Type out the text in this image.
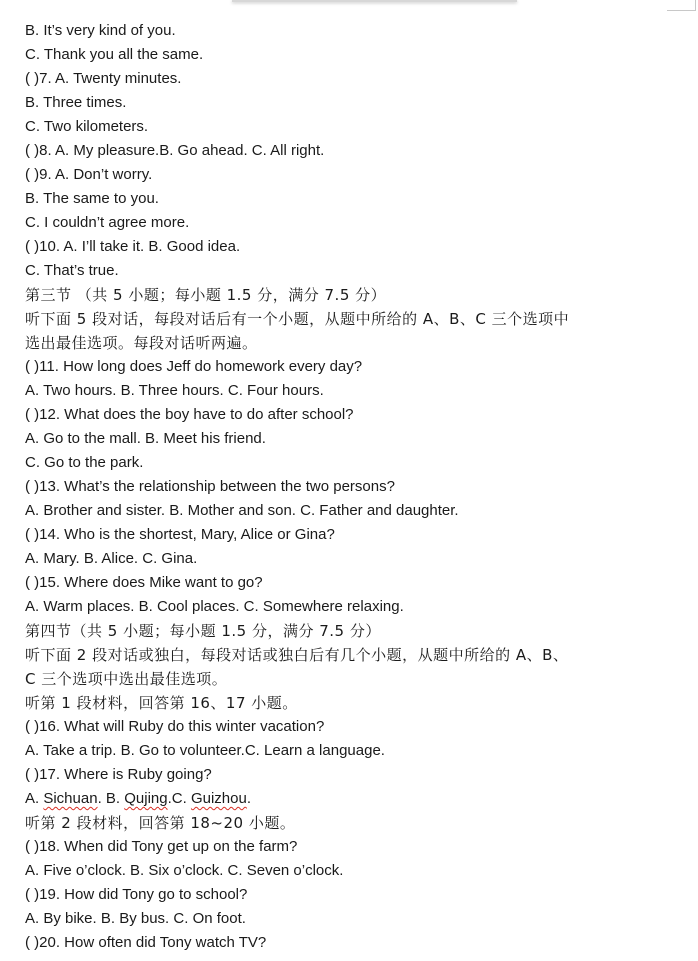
B. It’s very kind of you.
C. Thank you all the same.
( )7. A. Twenty minutes.
B. Three times.
C. Two kilometers.
( )8. A. My pleasure.B. Go ahead. C. All right.
( )9. A. Don’t worry.
B. The same to you.
C. I couldn’t agree more.
( )10. A. I’ll take it. B. Good idea.
C. That’s true.
第三节 （共 5 小题；每小题 1.5 分，满分 7.5 分）
听下面 5 段对话，每段对话后有一个小题，从题中所给的 A、B、C 三个选项中
选出最佳选项。每段对话听两遍。
( )11. How long does Jeff do homework every day?
A. Two hours. B. Three hours. C. Four hours.
( )12. What does the boy have to do after school?
A. Go to the mall. B. Meet his friend.
C. Go to the park.
( )13. What’s the relationship between the two persons?
A. Brother and sister. B. Mother and son. C. Father and daughter.
( )14. Who is the shortest, Mary, Alice or Gina?
A. Mary. B. Alice. C. Gina.
( )15. Where does Mike want to go?
A. Warm places. B. Cool places. C. Somewhere relaxing.
第四节（共 5 小题；每小题 1.5 分，满分 7.5 分）
听下面 2 段对话或独白，每段对话或独白后有几个小题，从题中所给的 A、B、
C 三个选项中选出最佳选项。
听第 1 段材料，回答第 16、17 小题。
( )16. What will Ruby do this winter vacation?
A. Take a trip. B. Go to volunteer.C. Learn a language.
( )17. Where is Ruby going?
A. Sichuan. B. Qujing.C. Guizhou.
听第 2 段材料，回答第 18~20 小题。
( )18. When did Tony get up on the farm?
A. Five o’clock. B. Six o’clock. C. Seven o’clock.
( )19. How did Tony go to school?
A. By bike. B. By bus. C. On foot.
( )20. How often did Tony watch TV?
